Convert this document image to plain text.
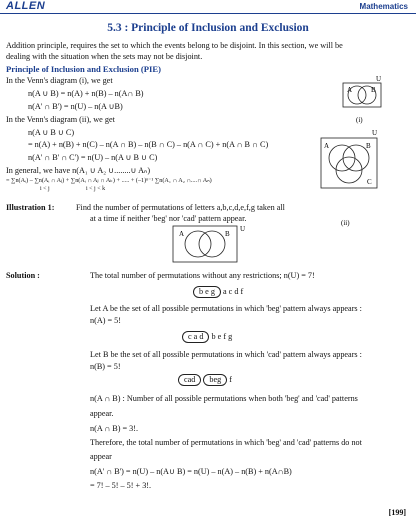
ALLEN	Mathematics
5.3 : Principle of Inclusion and Exclusion
Addition principle, requires the set to which the events belong to be disjoint. In this section, we will be
dealing with the situation when the sets may not be disjoint.
Principle of Inclusion and Exclusion (PIE)
In the Venn's diagram (i), we get
n(A ∪ B) = n(A) + n(B) – n(A∩ B)
n(A' ∩ B') = n(U) – n(A ∪B)
A	B
U
(i)
In the Venn's diagram (ii), we get
n(A ∪ B ∪ C)
= n(A) + n(B) + n(C) – n(A ∩ B) – n(B ∩ C) – n(A ∩ C) + n(A ∩ B ∩ C)
n(A' ∩ B' ∩ C') = n(U) – n(A ∪ B ∪ C)
A	B
C
U
(ii)
In general, we have n(A₁ ∪ A₂ ∪........∪ Aₙ)
= ∑n(Aᵢ) – ∑n(Aᵢ ∩ Aⱼ) + ∑n(Aᵢ ∩ Aⱼ ∩ Aₖ) + ..... + (–1)ⁿ⁻¹ ∑n(A₁ ∩ A₂ ∩....∩ Aₙ)
i < j	i < j < k
Illustration 1:	Find the number of permutations of letters a,b,c,d,e,f,g taken all
at a time if neither 'beg' nor 'cad' pattern appear.
A	B
U
Solution :	The total number of permutations without any restrictions; n(U) = 7!
b e g a c d f
Let A be the set of all possible permutations in which 'beg' pattern always appears :
n(A) = 5!
c a d b e f g
Let B be the set of all possible permutations in which 'cad' pattern always appears :
n(B) = 5!
cad beg f
n(A ∩ B) : Number of all possible permutations when both 'beg' and 'cad' patterns
appear.
n(A ∩ B) = 3!.
Therefore, the total number of permutations in which 'beg' and 'cad' patterns do not
appear
n(A' ∩ B') = n(U) – n(A∪ B) = n(U) – n(A) – n(B) + n(A∩B)
= 7! – 5! – 5! + 3!.
[199]
